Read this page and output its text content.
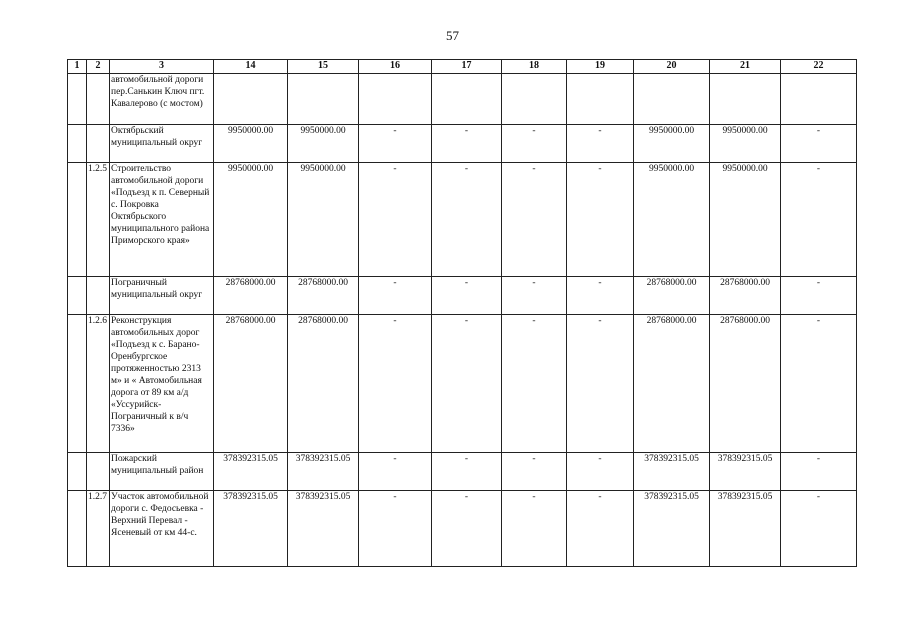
57
1	2	3	14	15	16	17	18	19	20	21	22
		автомобильной дороги пер.Санькин Ключ пгт. Кавалерово (с мостом)									
		Октябрьский муниципальный округ	9950000.00	9950000.00	-	-	-	-	9950000.00	9950000.00	-
	1.2.5	Строительство автомобильной дороги «Подъезд к п. Северный с. Покровка Октябрьского муниципального района Приморского края»	9950000.00	9950000.00	-	-	-	-	9950000.00	9950000.00	-
		Пограничный муниципальный округ	28768000.00	28768000.00	-	-	-	-	28768000.00	28768000.00	-
	1.2.6	Реконструкция автомобильных дорог «Подъезд к с. Барано-Оренбургское протяженностью 2313 м» и « Автомобильная дорога от 89 км а/д «Уссурийск-Пограничный к в/ч 7336»	28768000.00	28768000.00	-	-	-	-	28768000.00	28768000.00	-
		Пожарский муниципальный район	378392315.05	378392315.05	-	-	-	-	378392315.05	378392315.05	-
	1.2.7	Участок автомобильной дороги с. Федосьевка - Верхний Перевал - Ясеневый от км 44-с.	378392315.05	378392315.05	-	-	-	-	378392315.05	378392315.05	-
